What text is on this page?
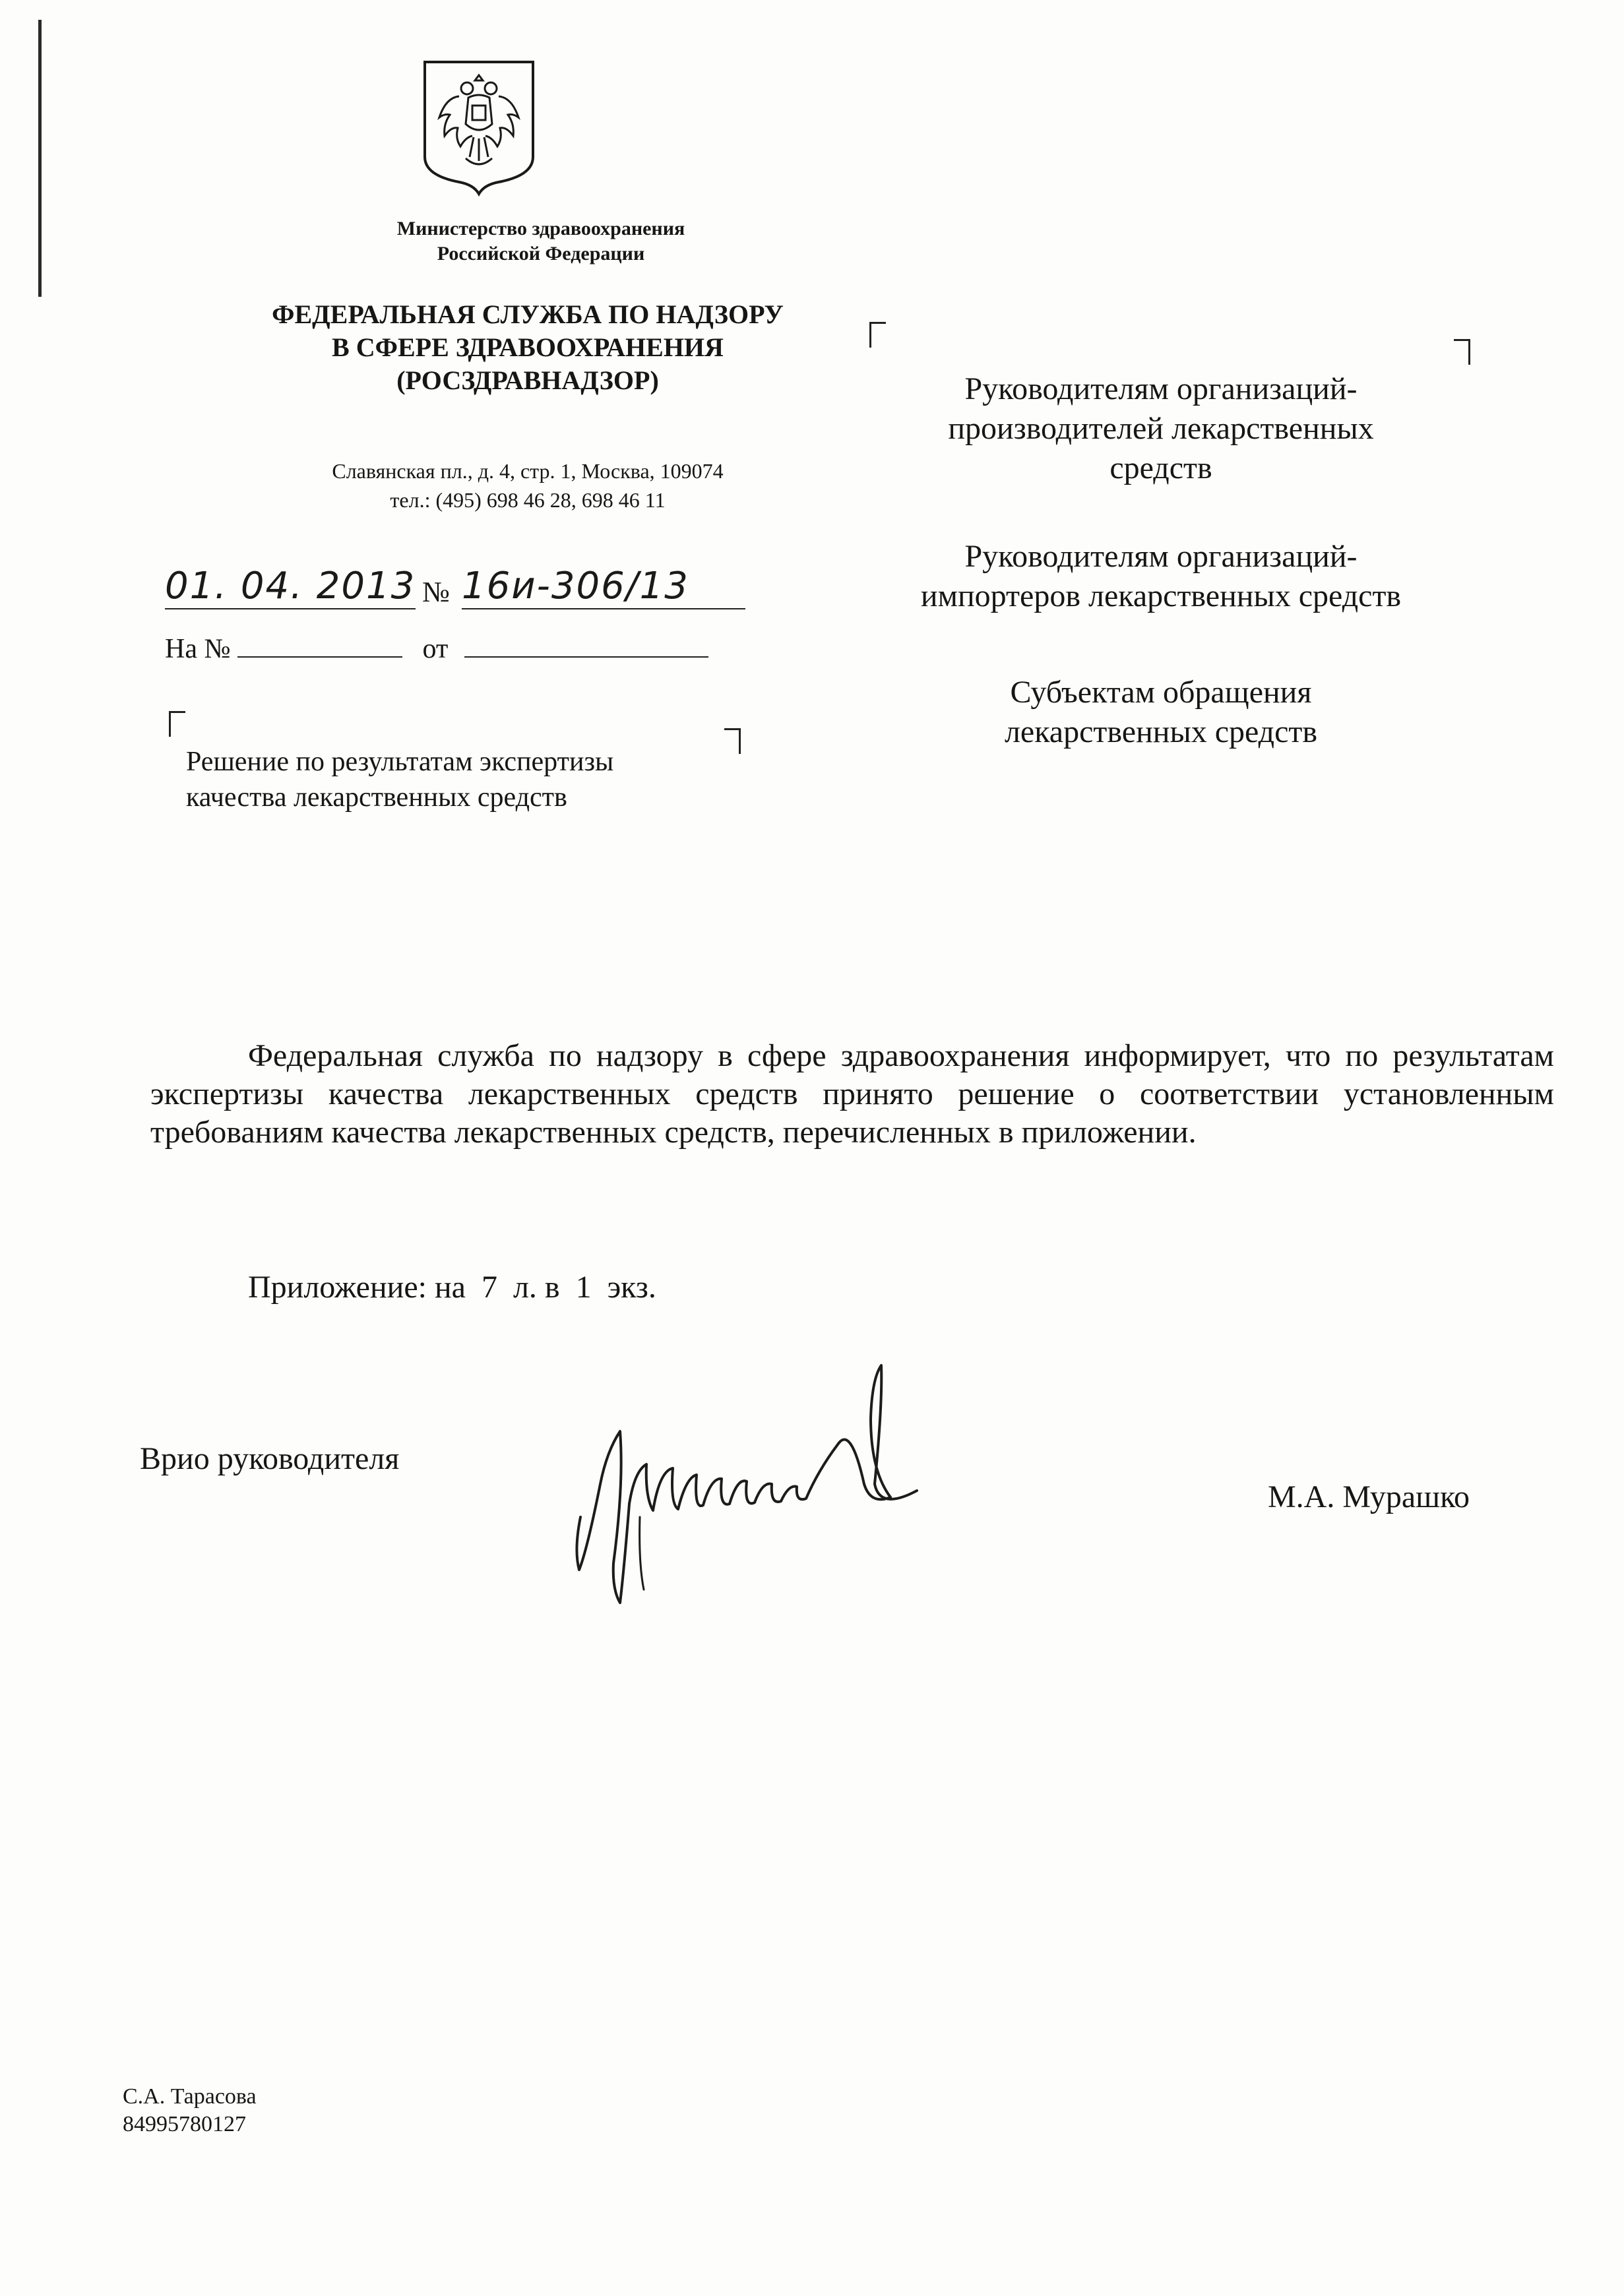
Министерство здравоохранения
Российской Федерации
ФЕДЕРАЛЬНАЯ СЛУЖБА ПО НАДЗОРУ
В СФЕРЕ ЗДРАВООХРАНЕНИЯ
(РОСЗДРАВНАДЗОР)
Славянская пл., д. 4, стр. 1, Москва, 109074
тел.: (495) 698 46 28, 698 46 11
01. 04. 2013 № 16и-306/13
На №	от
Решение по результатам экспертизы
качества лекарственных средств
Руководителям организаций-
производителей лекарственных
средств
Руководителям организаций-
импортеров лекарственных средств
Субъектам обращения
лекарственных средств
Федеральная служба по надзору в сфере здравоохранения информирует, что по результатам экспертизы качества лекарственных средств принято решение о соответствии установленным требованиям качества лекарственных средств, перечисленных в приложении.
Приложение: на  7  л. в  1  экз.
Врио руководителя
М.А. Мурашко
С.А. Тарасова
84995780127
